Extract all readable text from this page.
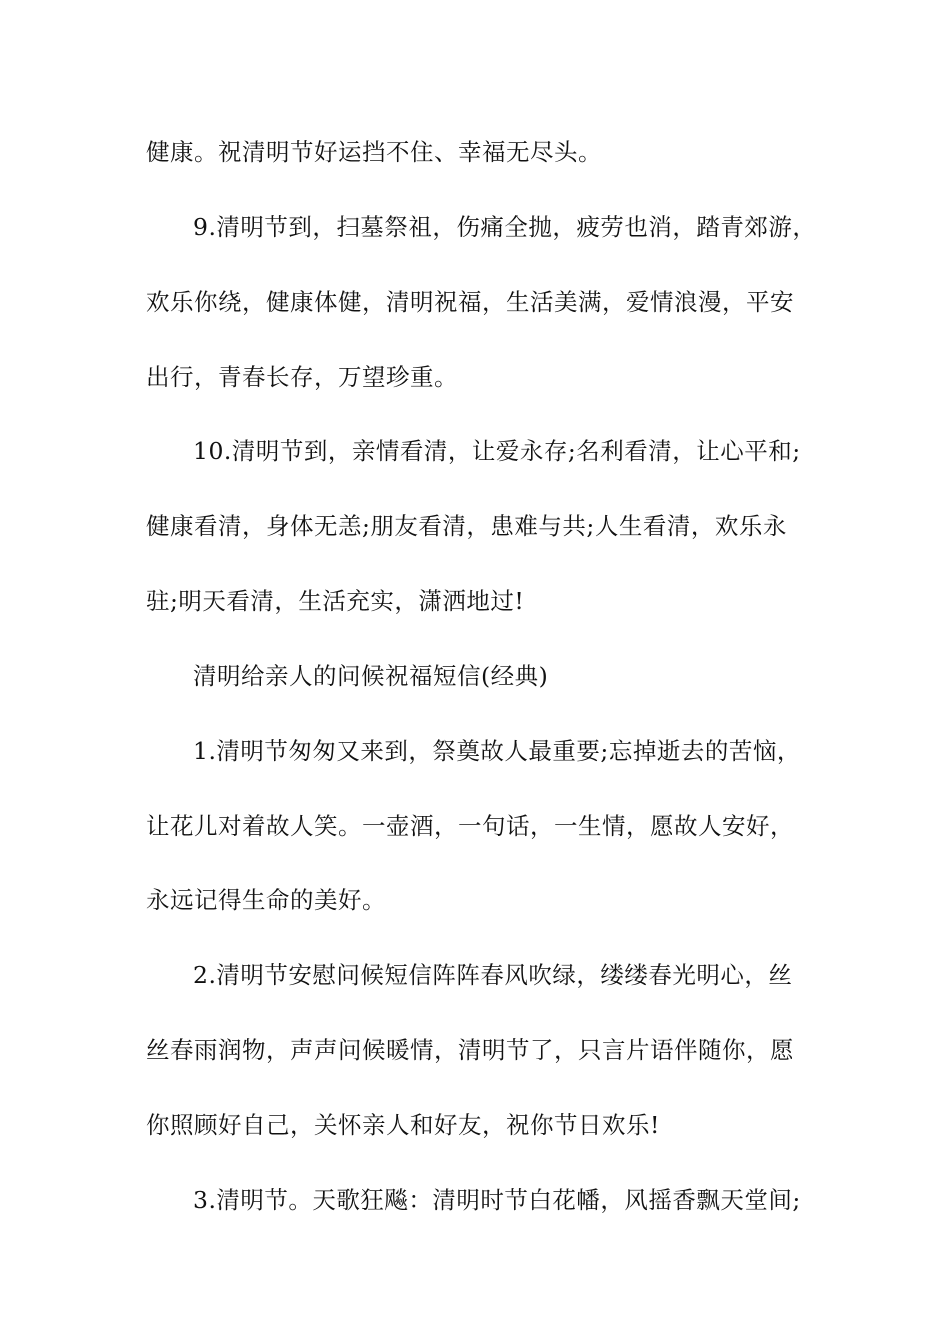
健康。祝清明节好运挡不住、幸福无尽头。
9.清明节到，扫墓祭祖，伤痛全抛，疲劳也消，踏青郊游，
欢乐你绕，健康体健，清明祝福，生活美满，爱情浪漫，平安
出行，青春长存，万望珍重。
10.清明节到，亲情看清，让爱永存;名利看清，让心平和;
健康看清，身体无恙;朋友看清，患难与共;人生看清，欢乐永
驻;明天看清，生活充实，潇洒地过!
清明给亲人的问候祝福短信(经典)
1.清明节匆匆又来到，祭奠故人最重要;忘掉逝去的苦恼，
让花儿对着故人笑。一壶酒，一句话，一生情，愿故人安好，
永远记得生命的美好。
2.清明节安慰问候短信阵阵春风吹绿，缕缕春光明心，丝
丝春雨润物，声声问候暖情，清明节了，只言片语伴随你，愿
你照顾好自己，关怀亲人和好友，祝你节日欢乐!
3.清明节。天歌狂飚：清明时节白花幡，风摇香飘天堂间;
